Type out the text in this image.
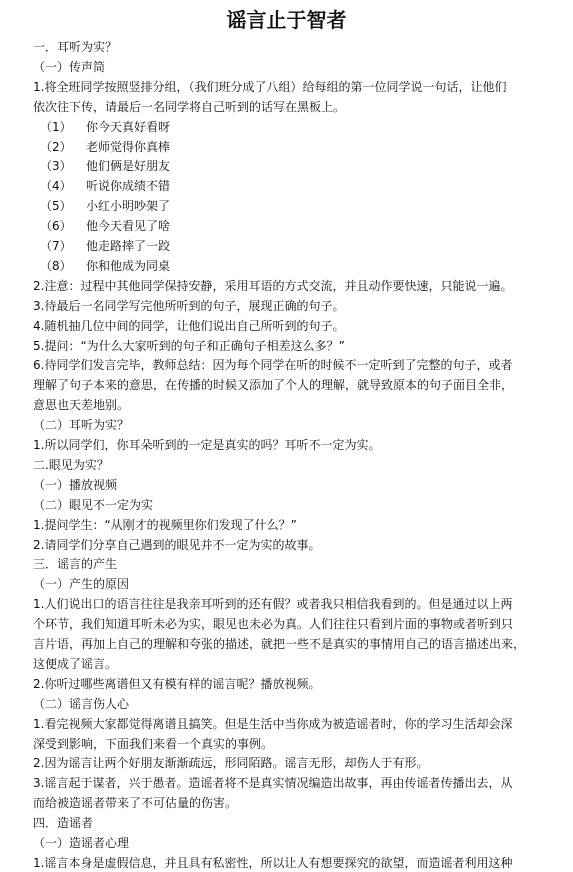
谣言止于智者
一．耳听为实？
（一）传声筒
1.将全班同学按照竖排分组，（我们班分成了八组）给每组的第一位同学说一句话，让他们
依次往下传，请最后一名同学将自己听到的话写在黑板上。
（1） 你今天真好看呀
（2） 老师觉得你真棒
（3） 他们俩是好朋友
（4） 听说你成绩不错
（5） 小红小明吵架了
（6） 他今天看见了啥
（7） 他走路摔了一跤
（8） 你和他成为同桌
2.注意：过程中其他同学保持安静，采用耳语的方式交流，并且动作要快速，只能说一遍。
3.待最后一名同学写完他所听到的句子，展现正确的句子。
4.随机抽几位中间的同学，让他们说出自己所听到的句子。
5.提问：“为什么大家听到的句子和正确句子相差这么多？”
6.待同学们发言完毕，教师总结：因为每个同学在听的时候不一定听到了完整的句子，或者
理解了句子本来的意思，在传播的时候又添加了个人的理解，就导致原本的句子面目全非，
意思也天差地别。
（二）耳听为实？
1.所以同学们，你耳朵听到的一定是真实的吗？耳听不一定为实。
二.眼见为实？
（一）播放视频
（二）眼见不一定为实
1.提问学生：“从刚才的视频里你们发现了什么？”
2.请同学们分享自己遇到的眼见并不一定为实的故事。
三．谣言的产生
（一）产生的原因
1.人们说出口的语言往往是我亲耳听到的还有假？或者我只相信我看到的。但是通过以上两
个环节，我们知道耳听未必为实，眼见也未必为真。人们往往只看到片面的事物或者听到只
言片语，再加上自己的理解和夸张的描述，就把一些不是真实的事情用自己的语言描述出来，
这便成了谣言。
2.你听过哪些离谱但又有模有样的谣言呢？播放视频。
（二）谣言伤人心
1.看完视频大家都觉得离谱且搞笑。但是生活中当你成为被造谣者时，你的学习生活却会深
深受到影响，下面我们来看一个真实的事例。
2.因为谣言让两个好朋友渐渐疏远，形同陌路。谣言无形，却伤人于有形。
3.谣言起于谋者，兴于愚者。造谣者将不是真实情况编造出故事，再由传谣者传播出去，从
而给被造谣者带来了不可估量的伤害。
四．造谣者
（一）造谣者心理
1.谣言本身是虚假信息，并且具有私密性，所以让人有想要探究的欲望，而造谣者利用这种
